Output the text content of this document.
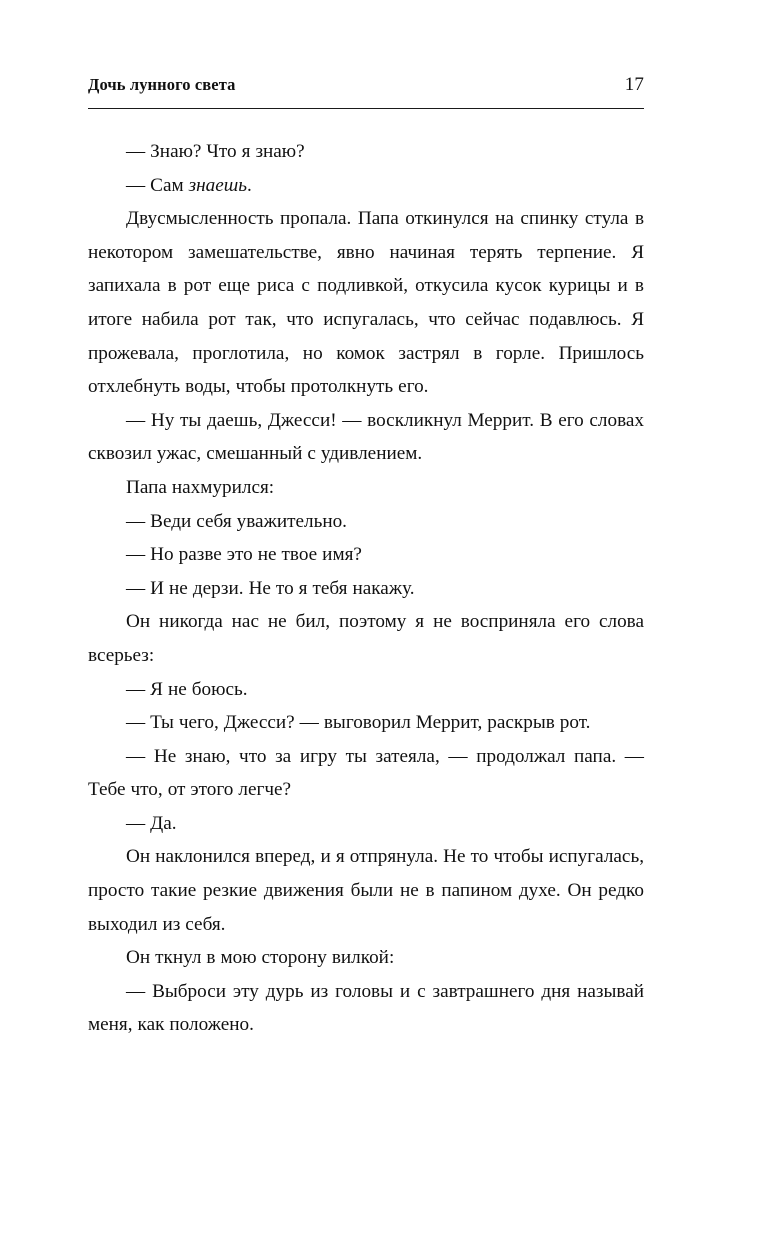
Дочь лунного света	17

— Знаю? Что я знаю?

— Сам знаешь.

Двусмысленность пропала. Папа откинулся на спинку стула в некотором замешательстве, явно начиная терять терпение. Я запихала в рот еще риса с подливкой, откусила кусок курицы и в итоге набила рот так, что испугалась, что сейчас подавлюсь. Я прожевала, проглотила, но комок застрял в горле. Пришлось отхлебнуть воды, чтобы протолкнуть его.

— Ну ты даешь, Джесси! — воскликнул Меррит. В его словах сквозил ужас, смешанный с удивлением.

Папа нахмурился:

— Веди себя уважительно.

— Но разве это не твое имя?

— И не дерзи. Не то я тебя накажу.

Он никогда нас не бил, поэтому я не восприняла его слова всерьез:

— Я не боюсь.

— Ты чего, Джесси? — выговорил Меррит, раскрыв рот.

— Не знаю, что за игру ты затеяла, — продолжал папа. — Тебе что, от этого легче?

— Да.

Он наклонился вперед, и я отпрянула. Не то чтобы испугалась, просто такие резкие движения были не в папином духе. Он редко выходил из себя.

Он ткнул в мою сторону вилкой:

— Выброси эту дурь из головы и с завтрашнего дня называй меня, как положено.
